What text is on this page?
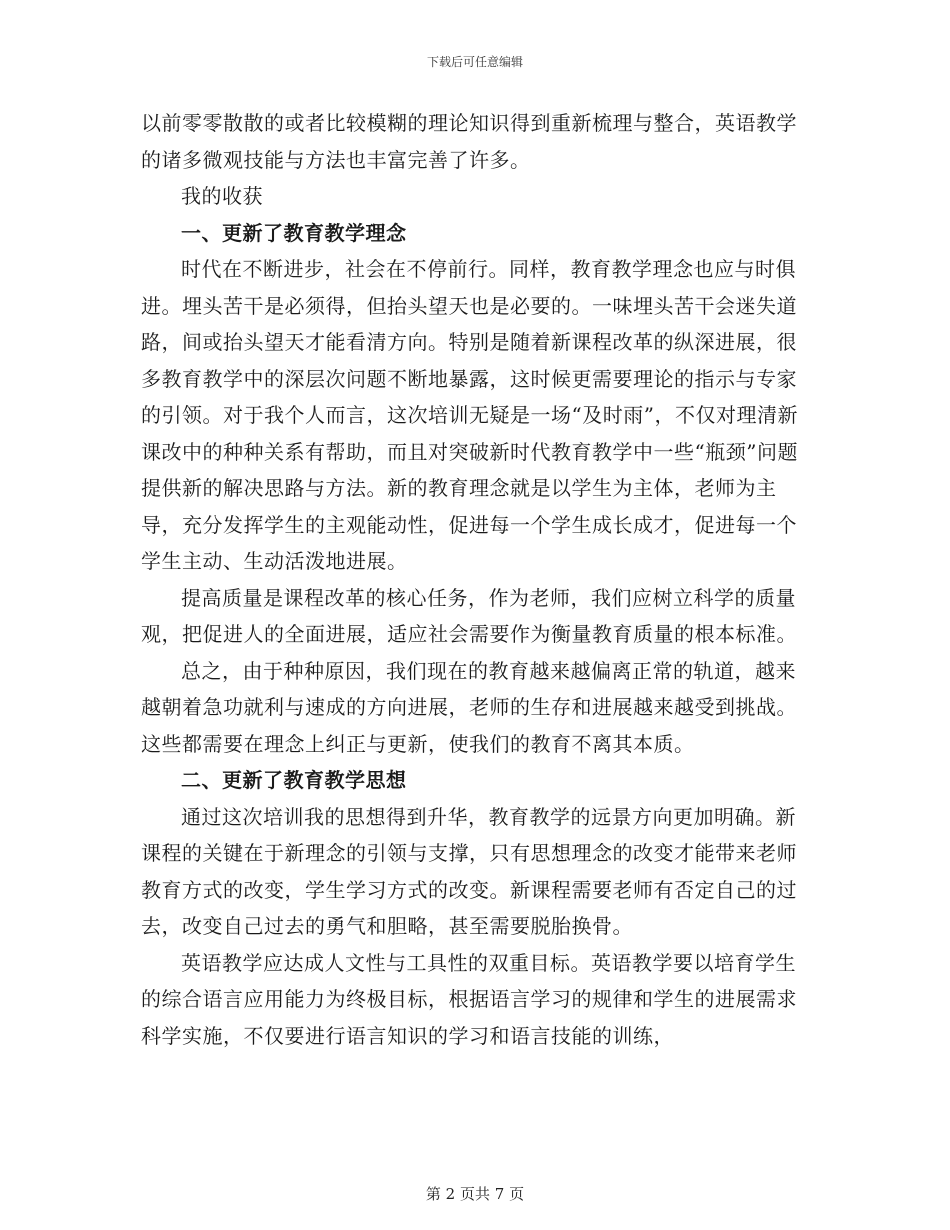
下载后可任意编辑

以前零零散散的或者比较模糊的理论知识得到重新梳理与整合，英语教学的诸多微观技能与方法也丰富完善了许多。

我的收获

一、更新了教育教学理念

时代在不断进步，社会在不停前行。同样，教育教学理念也应与时俱进。埋头苦干是必须得，但抬头望天也是必要的。一味埋头苦干会迷失道路，间或抬头望天才能看清方向。特别是随着新课程改革的纵深进展，很多教育教学中的深层次问题不断地暴露，这时候更需要理论的指示与专家的引领。对于我个人而言，这次培训无疑是一场“及时雨”，不仅对理清新课改中的种种关系有帮助，而且对突破新时代教育教学中一些“瓶颈”问题提供新的解决思路与方法。新的教育理念就是以学生为主体，老师为主导，充分发挥学生的主观能动性，促进每一个学生成长成才，促进每一个学生主动、生动活泼地进展。

提高质量是课程改革的核心任务，作为老师，我们应树立科学的质量观，把促进人的全面进展，适应社会需要作为衡量教育质量的根本标准。

总之，由于种种原因，我们现在的教育越来越偏离正常的轨道，越来越朝着急功就利与速成的方向进展，老师的生存和进展越来越受到挑战。这些都需要在理念上纠正与更新，使我们的教育不离其本质。

二、更新了教育教学思想

通过这次培训我的思想得到升华，教育教学的远景方向更加明确。新课程的关键在于新理念的引领与支撑，只有思想理念的改变才能带来老师教育方式的改变，学生学习方式的改变。新课程需要老师有否定自己的过去，改变自己过去的勇气和胆略，甚至需要脱胎换骨。

英语教学应达成人文性与工具性的双重目标。英语教学要以培育学生的综合语言应用能力为终极目标，根据语言学习的规律和学生的进展需求科学实施，不仅要进行语言知识的学习和语言技能的训练，

第 2 页共 7 页
